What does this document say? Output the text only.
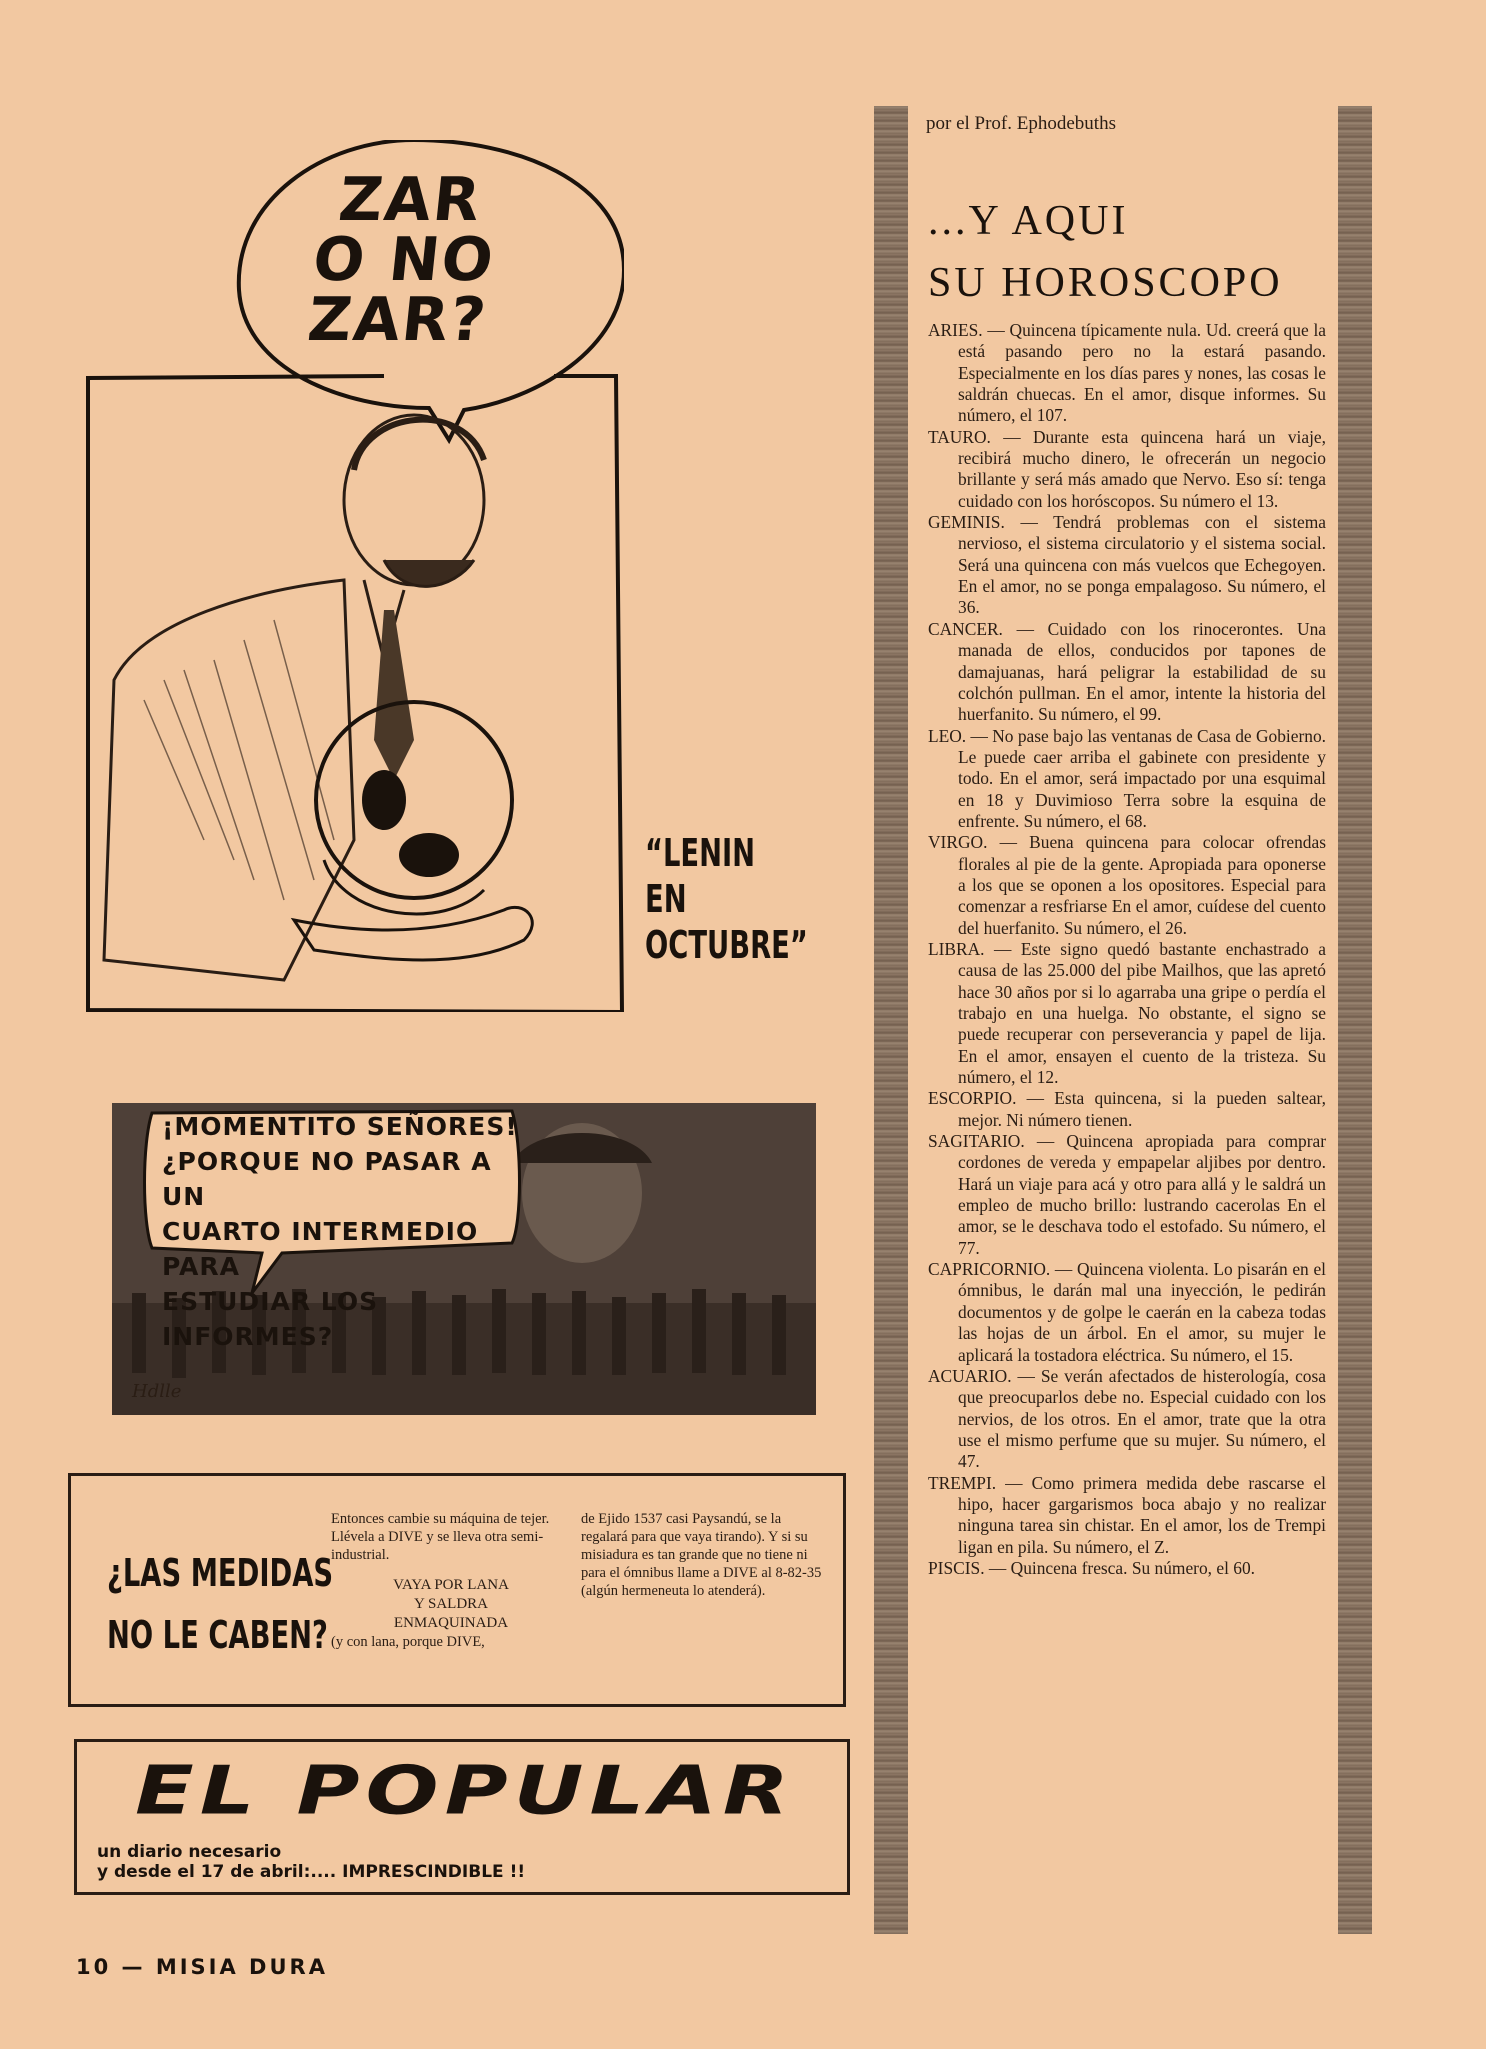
ZAR
O NO
ZAR?
“LENIN
EN
OCTUBRE”
¡MOMENTITO SEÑORES!
¿PORQUE NO PASAR A UN
CUARTO INTERMEDIO PARA
ESTUDIAR LOS INFORMES?
Hdlle
¿LAS MEDIDAS
NO LE CABEN?

Entonces cambie su máquina de tejer. Llévela a DIVE y se lleva otra semi-industrial.

VAYA POR LANA
Y SALDRA
ENMAQUINADA

(y con lana, porque DIVE,

de Ejido 1537 casi Paysandú, se la regalará para que vaya tirando). Y si su misiadura es tan grande que no tiene ni para el ómnibus llame a DIVE al 8-82-35 (algún hermeneuta lo atenderá).

EL POPULAR
un diario necesario
y desde el 17 de abril:.... IMPRESCINDIBLE !!
10 — MISIA DURA
por el Prof. Ephodebuths
...Y AQUI
SU HOROSCOPO

ARIES. — Quincena típicamente nula. Ud. creerá que la está pasando pero no la estará pasando. Especialmente en los días pares y nones, las cosas le saldrán chuecas. En el amor, disque informes. Su número, el 107.

TAURO. — Durante esta quincena hará un viaje, recibirá mucho dinero, le ofrecerán un negocio brillante y será más amado que Nervo. Eso sí: tenga cuidado con los horóscopos. Su número el 13.

GEMINIS. — Tendrá problemas con el sistema nervioso, el sistema circulatorio y el sistema social. Será una quincena con más vuelcos que Echegoyen. En el amor, no se ponga empalagoso. Su número, el 36.

CANCER. — Cuidado con los rinocerontes. Una manada de ellos, conducidos por tapones de damajuanas, hará peligrar la estabilidad de su colchón pullman. En el amor, intente la historia del huerfanito. Su número, el 99.

LEO. — No pase bajo las ventanas de Casa de Gobierno. Le puede caer arriba el gabinete con presidente y todo. En el amor, será impactado por una esquimal en 18 y Duvimioso Terra sobre la esquina de enfrente. Su número, el 68.

VIRGO. — Buena quincena para colocar ofrendas florales al pie de la gente. Apropiada para oponerse a los que se oponen a los opositores. Especial para comenzar a resfriarse En el amor, cuídese del cuento del huerfanito. Su número, el 26.

LIBRA. — Este signo quedó bastante enchastrado a causa de las 25.000 del pibe Mailhos, que las apretó hace 30 años por si lo agarraba una gripe o perdía el trabajo en una huelga. No obstante, el signo se puede recuperar con perseverancia y papel de lija. En el amor, ensayen el cuento de la tristeza. Su número, el 12.

ESCORPIO. — Esta quincena, si la pueden saltear, mejor. Ni número tienen.

SAGITARIO. — Quincena apropiada para comprar cordones de vereda y empapelar aljibes por dentro. Hará un viaje para acá y otro para allá y le saldrá un empleo de mucho brillo: lustrando cacerolas En el amor, se le deschava todo el estofado. Su número, el 77.

CAPRICORNIO. — Quincena violenta. Lo pisarán en el ómnibus, le darán mal una inyección, le pedirán documentos y de golpe le caerán en la cabeza todas las hojas de un árbol. En el amor, su mujer le aplicará la tostadora eléctrica. Su número, el 15.

ACUARIO. — Se verán afectados de histerología, cosa que preocuparlos debe no. Especial cuidado con los nervios, de los otros. En el amor, trate que la otra use el mismo perfume que su mujer. Su número, el 47.

TREMPI. — Como primera medida debe rascarse el hipo, hacer gargarismos boca abajo y no realizar ninguna tarea sin chistar. En el amor, los de Trempi ligan en pila. Su número, el Z.

PISCIS. — Quincena fresca. Su número, el 60.
